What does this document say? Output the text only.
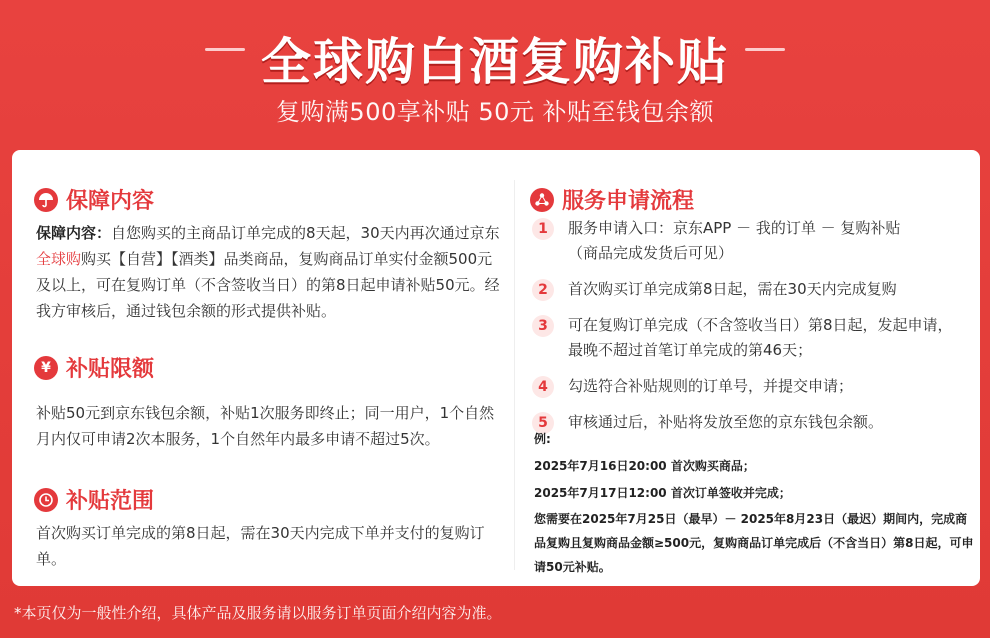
全球购白酒复购补贴
复购满500享补贴 50元 补贴至钱包余额
保障内容
保障内容：自您购买的主商品订单完成的8天起，30天内再次通过京东全球购购买【自营】【酒类】品类商品，复购商品订单实付金额500元及以上，可在复购订单（不含签收当日）的第8日起申请补贴50元。经我方审核后，通过钱包余额的形式提供补贴。
¥ 补贴限额
补贴50元到京东钱包余额，补贴1次服务即终止；同一用户，1个自然月内仅可申请2次本服务，1个自然年内最多申请不超过5次。
补贴范围
首次购买订单完成的第8日起，需在30天内完成下单并支付的复购订单。
服务申请流程
1	服务申请入口：京东APP － 我的订单 － 复购补贴
（商品完成发货后可见）
2	首次购买订单完成第8日起，需在30天内完成复购
3	可在复购订单完成（不含签收当日）第8日起，发起申请，
最晚不超过首笔订单完成的第46天；
4	勾选符合补贴规则的订单号，并提交申请；
5	审核通过后，补贴将发放至您的京东钱包余额。
例:
2025年7月16日20:00 首次购买商品；
2025年7月17日12:00 首次订单签收并完成；
您需要在2025年7月25日（最早）－ 2025年8月23日（最迟）期间内，完成商品复购且复购商品金额≥500元，复购商品订单完成后（不含当日）第8日起，可申请50元补贴。
*本页仅为一般性介绍，具体产品及服务请以服务订单页面介绍内容为准。
